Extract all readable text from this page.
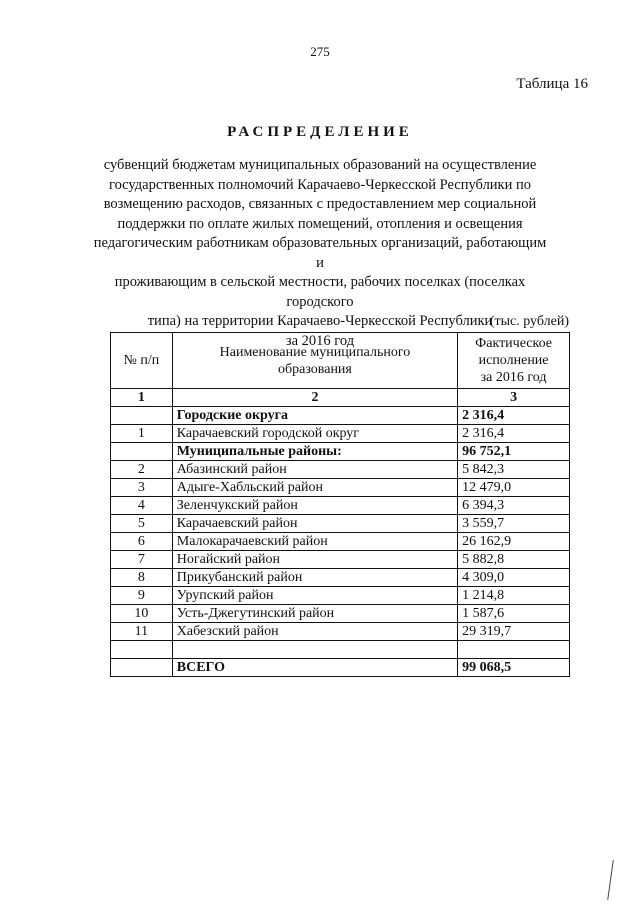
275
Таблица 16
РАСПРЕДЕЛЕНИЕ
субвенций бюджетам муниципальных образований на осуществление
государственных полномочий Карачаево-Черкесской Республики по
возмещению расходов, связанных с предоставлением мер социальной
поддержки по оплате жилых помещений, отопления и освещения
педагогическим работникам образовательных организаций, работающим и
проживающим в сельской местности, рабочих поселках (поселках городского
типа) на территории Карачаево-Черкесской Республики
за 2016 год
(тыс. рублей)
№ п/п	Наименование муниципального образования	Фактическое
исполнение
за 2016 год

1	2	3
	Городские округа	2 316,4
1	Карачаевский городской округ	2 316,4
	Муниципальные районы:	96 752,1
2	Абазинский район	5 842,3
3	Адыге-Хабльский район	12 479,0
4	Зеленчукский район	6 394,3
5	Карачаевский район	3 559,7
6	Малокарачаевский район	26 162,9
7	Ногайский район	5 882,8
8	Прикубанский район	4 309,0
9	Урупский район	1 214,8
10	Усть-Джегутинский район	1 587,6
11	Хабезский район	29 319,7

	ВСЕГО	99 068,5
